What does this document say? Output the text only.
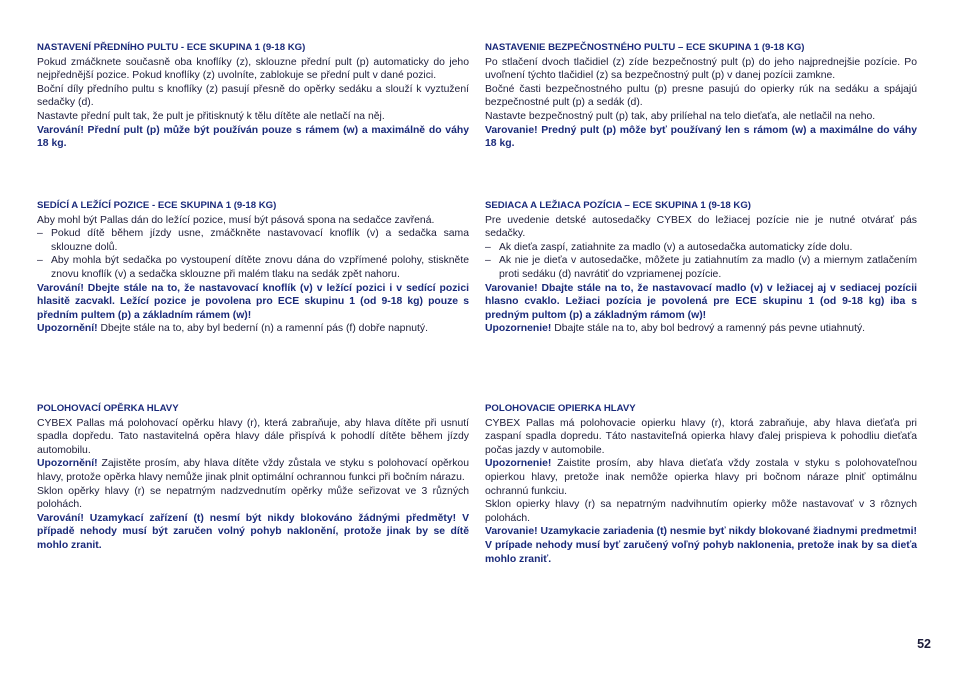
NASTAVENÍ PŘEDNÍHO PULTU - ECE SKUPINA 1 (9-18 KG)

Pokud zmáčknete současně oba knoflíky (z), sklouzne přední pult (p) automaticky do jeho nejpřednější pozice. Pokud knoflíky (z) uvolníte, zablokuje se přední pult v dané pozici.

Boční díly předního pultu s knoflíky (z) pasují přesně do opěrky sedáku a slouží k vyztužení sedačky (d).

Nastavte přední pult tak, že pult je přitisknutý k tělu dítěte ale netlačí na něj.

Varování! Přední pult (p) může být používán pouze s rámem (w) a maximálně do váhy 18 kg.

SEDÍCÍ A LEŽÍCÍ POZICE - ECE SKUPINA 1 (9-18 KG)

Aby mohl být Pallas dán do ležící pozice, musí být pásová spona na sedačce zavřená.

– Pokud dítě během jízdy usne, zmáčkněte nastavovací knoflík (v) a sedačka sama sklouzne dolů.

– Aby mohla být sedačka po vystoupení dítěte znovu dána do vzpřímené polohy, stiskněte znovu knoflík (v) a sedačka sklouzne při malém tlaku na sedák zpět nahoru.

Varování! Dbejte stále na to, že nastavovací knoflík (v) v ležící pozici i v sedící pozici hlasitě zacvakl. Ležící pozice je povolena pro ECE skupinu 1 (od 9-18 kg) pouze s předním pultem (p) a základním rámem (w)!

Upozornění! Dbejte stále na to, aby byl bederní (n) a ramenní pás (f) dobře napnutý.

POLOHOVACÍ OPĚRKA HLAVY

CYBEX Pallas má polohovací opěrku hlavy (r), která zabraňuje, aby hlava dítěte při usnutí spadla dopředu. Tato nastavitelná opěra hlavy dále přispívá k pohodlí dítěte během jízdy automobilu.

Upozornění! Zajistěte prosím, aby hlava dítěte vždy zůstala ve styku s polohovací opěrkou hlavy, protože opěrka hlavy nemůže jinak plnit optimální ochrannou funkci při bočním nárazu.

Sklon opěrky hlavy (r) se nepatrným nadzvednutím opěrky může seřizovat ve 3 různých polohách.

Varování! Uzamykací zařízení (t) nesmí být nikdy blokováno žádnými předměty! V případě nehody musí být zaručen volný pohyb naklonění, protože jinak by se dítě mohlo zranit.

NASTAVENIE BEZPEČNOSTNÉHO PULTU – ECE SKUPINA 1 (9-18 KG)

Po stlačení dvoch tlačidiel (z) zíde bezpečnostný pult (p) do jeho najprednejšie pozície. Po uvoľnení týchto tlačidiel (z) sa bezpečnostný pult (p) v danej pozícii zamkne.

Bočné časti bezpečnostného pultu (p) presne pasujú do opierky rúk na sedáku a spájajú bezpečnostné pult (p) a sedák (d).

Nastavte bezpečnostný pult (p) tak, aby prilíehal na telo dieťaťa, ale netlačil na neho.

Varovanie! Predný pult (p) môže byť používaný len s rámom (w) a maximálne do váhy 18 kg.

SEDIACA A LEŽIACA POZÍCIA – ECE SKUPINA 1 (9-18 KG)

Pre uvedenie detské autosedačky CYBEX do ležiacej pozície nie je nutné otvárať pás sedačky.

– Ak dieťa zaspí, zatiahnite za madlo (v) a autosedačka automaticky zíde dolu.

– Ak nie je dieťa v autosedačke, môžete ju zatiahnutím za madlo (v) a miernym zatlačením proti sedáku (d) navrátiť do vzpriamenej pozície.

Varovanie! Dbajte stále na to, že nastavovací madlo (v) v ležiacej aj v sediacej pozícii hlasno cvaklo. Ležiaci pozícia je povolená pre ECE skupinu 1 (od 9-18 kg) iba s predným pultom (p) a základným rámom (w)!

Upozornenie! Dbajte stále na to, aby bol bedrový a ramenný pás pevne utiahnutý.

POLOHOVACIE OPIERKA HLAVY

CYBEX Pallas má polohovacie opierku hlavy (r), ktorá zabraňuje, aby hlava dieťaťa pri zaspaní spadla dopredu. Táto nastaviteľná opierka hlavy ďalej prispieva k pohodliu dieťaťa počas jazdy v automobile.

Upozornenie! Zaistite prosím, aby hlava dieťaťa vždy zostala v styku s polohovateľnou opierkou hlavy, pretože inak nemôže opierka hlavy pri bočnom náraze plniť optimálnu ochrannú funkciu.

Sklon opierky hlavy (r) sa nepatrným nadvihnutím opierky môže nastavovať v 3 rôznych polohách.

Varovanie! Uzamykacie zariadenia (t) nesmie byť nikdy blokované žiadnymi predmetmi! V prípade nehody musí byť zaručený voľný pohyb naklonenia, pretože inak by sa dieťa mohlo zraniť.

52
